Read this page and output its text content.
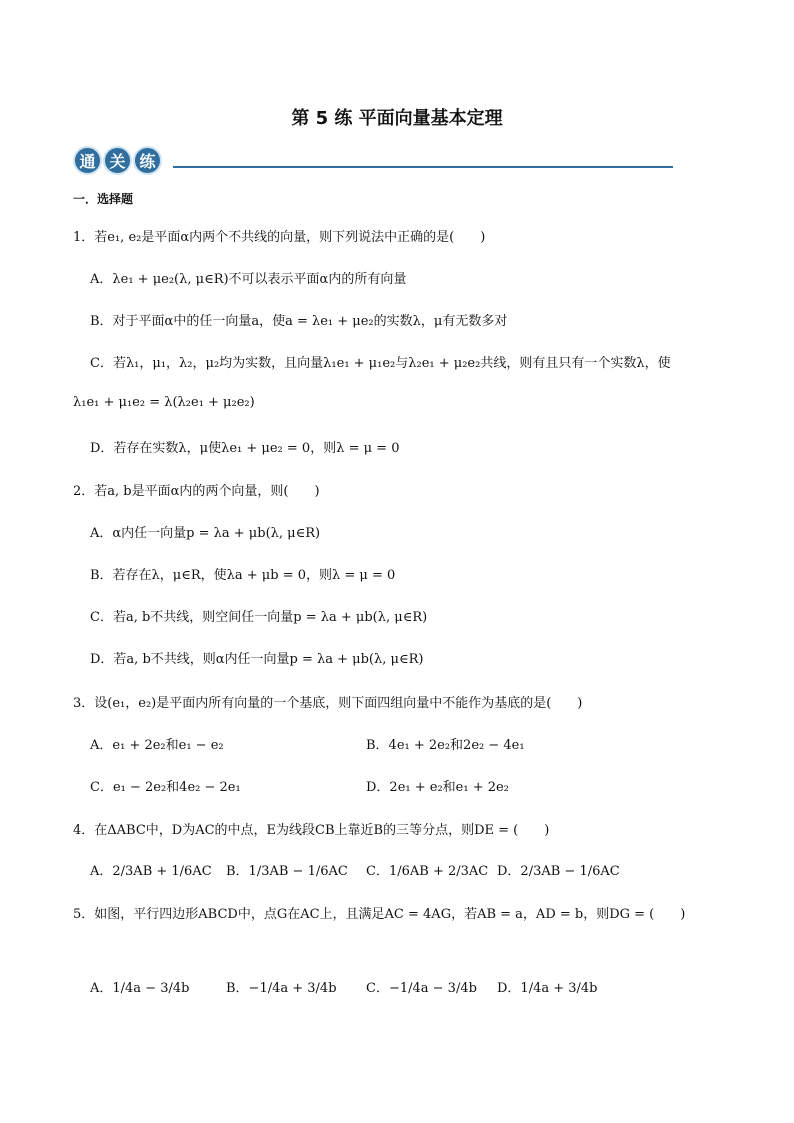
第 5 练 平面向量基本定理
通 关 练
一．选择题
1．若e₁, e₂是平面α内两个不共线的向量，则下列说法中正确的是(　　)
A．λe₁ + μe₂(λ, μ∈R)不可以表示平面α内的所有向量
B．对于平面α中的任一向量a，使a = λe₁ + μe₂的实数λ，μ有无数多对
C．若λ₁，μ₁，λ₂，μ₂均为实数，且向量λ₁e₁ + μ₁e₂与λ₂e₁ + μ₂e₂共线，则有且只有一个实数λ，使
λ₁e₁ + μ₁e₂ = λ(λ₂e₁ + μ₂e₂)
D．若存在实数λ，μ使λe₁ + μe₂ = 0，则λ = μ = 0
2．若a, b是平面α内的两个向量，则(　　)
A．α内任一向量p = λa + μb(λ, μ∈R)
B．若存在λ，μ∈R，使λa + μb = 0，则λ = μ = 0
C．若a, b不共线，则空间任一向量p = λa + μb(λ, μ∈R)
D．若a, b不共线，则α内任一向量p = λa + μb(λ, μ∈R)
3．设(e₁，e₂)是平面内所有向量的一个基底，则下面四组向量中不能作为基底的是(　　)
A．e₁ + 2e₂和e₁ − e₂	B．4e₁ + 2e₂和2e₂ − 4e₁
C．e₁ − 2e₂和4e₂ − 2e₁	D．2e₁ + e₂和e₁ + 2e₂
4．在ΔABC中，D为AC的中点，E为线段CB上靠近B的三等分点，则DE = (　　)
A．2/3AB + 1/6AC B．1/3AB − 1/6AC C．1/6AB + 2/3AC D．2/3AB − 1/6AC
5．如图，平行四边形ABCD中，点G在AC上，且满足AC = 4AG，若AB = a，AD = b，则DG = (　　)
A．1/4a − 3/4b	B．−1/4a + 3/4b C．−1/4a − 3/4b D．1/4a + 3/4b
